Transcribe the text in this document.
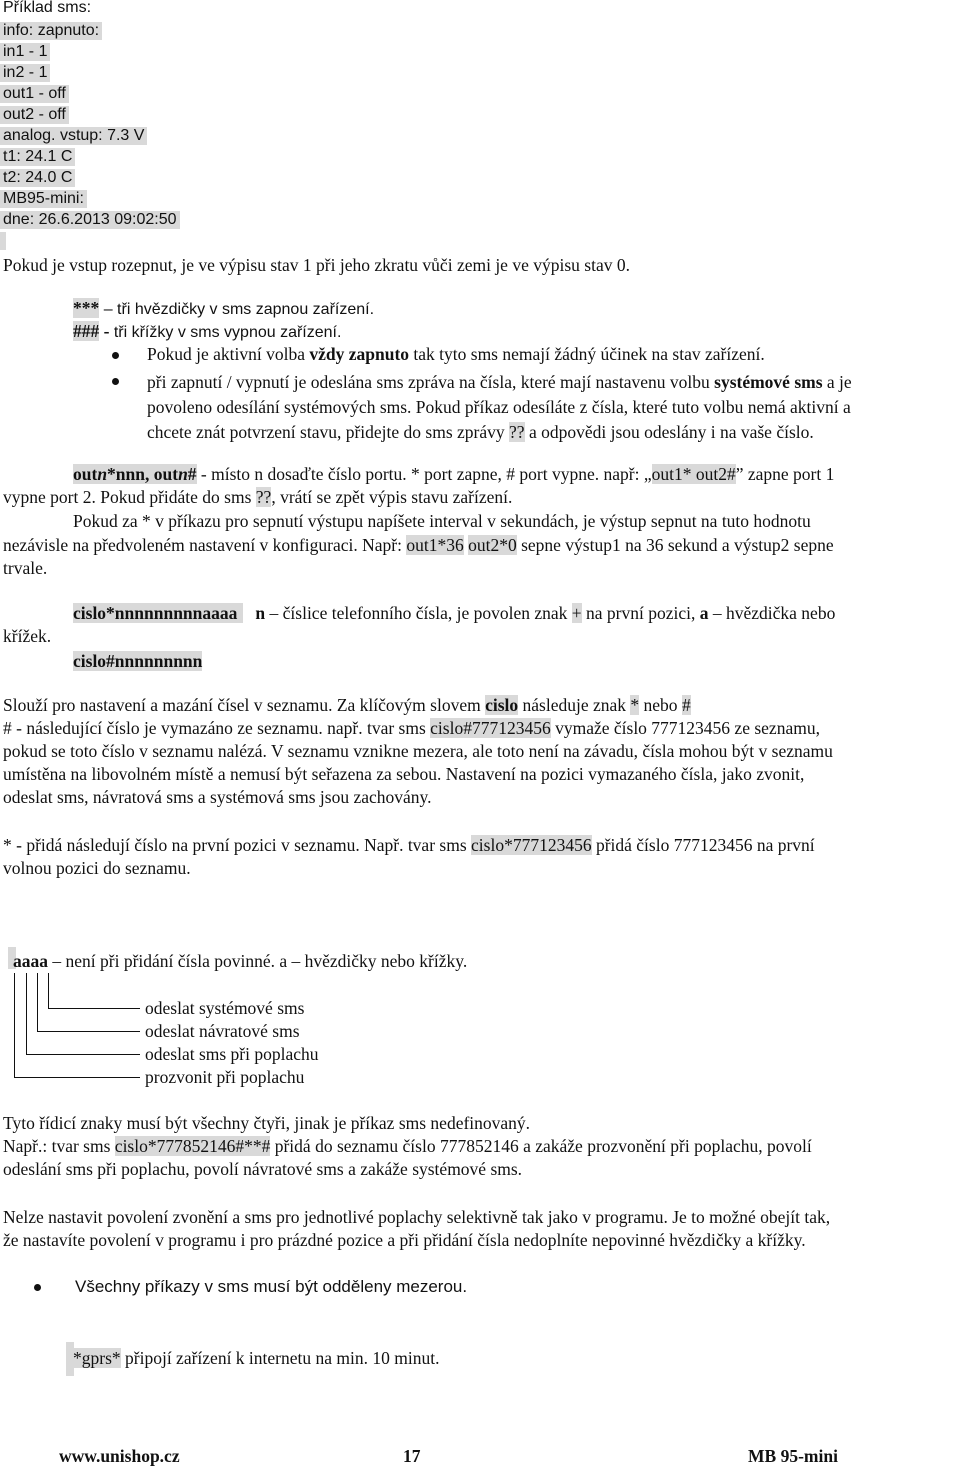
Příklad sms:
info: zapnuto:
in1 - 1
in2 - 1
out1 - off
out2 - off
analog. vstup: 7.3 V
t1: 24.1 C
t2: 24.0 C
MB95-mini:
dne: 26.6.2013 09:02:50
Pokud je vstup rozepnut, je ve výpisu stav 1 při jeho zkratu vůči zemi je ve výpisu stav 0.
*** – tři hvězdičky v sms zapnou zařízení.
### - tři křížky v sms vypnou zařízení.
Pokud je aktivní volba vždy zapnuto tak tyto sms nemají žádný účinek na stav zařízení.
při zapnutí / vypnutí je odeslána sms zpráva na čísla, které mají nastavenu volbu systémové sms a je
povoleno odesílání systémových sms. Pokud příkaz odesíláte z čísla, které tuto volbu nemá aktivní a
chcete znát potvrzení stavu, přidejte do sms zprávy ?? a odpovědi jsou odeslány i na vaše číslo.
outn*nnn, outn# - místo n dosaďte číslo portu. * port zapne, # port vypne. např: „out1* out2#” zapne port 1
vypne port 2. Pokud přidáte do sms ??, vrátí se zpět výpis stavu zařízení.
Pokud za * v příkazu pro sepnutí výstupu napíšete interval v sekundách, je výstup sepnut na tuto hodnotu
nezávisle na předvoleném nastavení v konfiguraci. Např: out1*36 out2*0 sepne výstup1 na 36 sekund a výstup2 sepne
trvale.
cislo*nnnnnnnnnaaaa n – číslice telefonního čísla, je povolen znak + na první pozici, a – hvězdička nebo
křížek.
cislo#nnnnnnnnn
Slouží pro nastavení a mazání čísel v seznamu. Za klíčovým slovem cislo následuje znak * nebo #
# - následující číslo je vymazáno ze seznamu. např. tvar sms cislo#777123456 vymaže číslo 777123456 ze seznamu,
pokud se toto číslo v seznamu nalézá. V seznamu vznikne mezera, ale toto není na závadu, čísla mohou být v seznamu
umístěna na libovolném místě a nemusí být seřazena za sebou. Nastavení na pozici vymazaného čísla, jako zvonit,
odeslat sms, návratová sms a systémová sms jsou zachovány.
* - přidá následují číslo na první pozici v seznamu. Např. tvar sms cislo*777123456 přidá číslo 777123456 na první
volnou pozici do seznamu.
aaaa – není při přidání čísla povinné. a – hvězdičky nebo křížky.
odeslat systémové sms
odeslat návratové sms
odeslat sms při poplachu
prozvonit při poplachu
Tyto řídicí znaky musí být všechny čtyři, jinak je příkaz sms nedefinovaný.
Např.: tvar sms cislo*777852146#**# přidá do seznamu číslo 777852146 a zakáže prozvonění při poplachu, povolí
odeslání sms při poplachu, povolí návratové sms a zakáže systémové sms.
Nelze nastavit povolení zvonění a sms pro jednotlivé poplachy selektivně tak jako v programu. Je to možné obejít tak,
že nastavíte povolení v programu i pro prázdné pozice a při přidání čísla nedoplníte nepovinné hvězdičky a křížky.
Všechny příkazy v sms musí být odděleny mezerou.
*gprs* připojí zařízení k internetu na min. 10 minut.
www.unishop.cz	17	MB 95-mini
